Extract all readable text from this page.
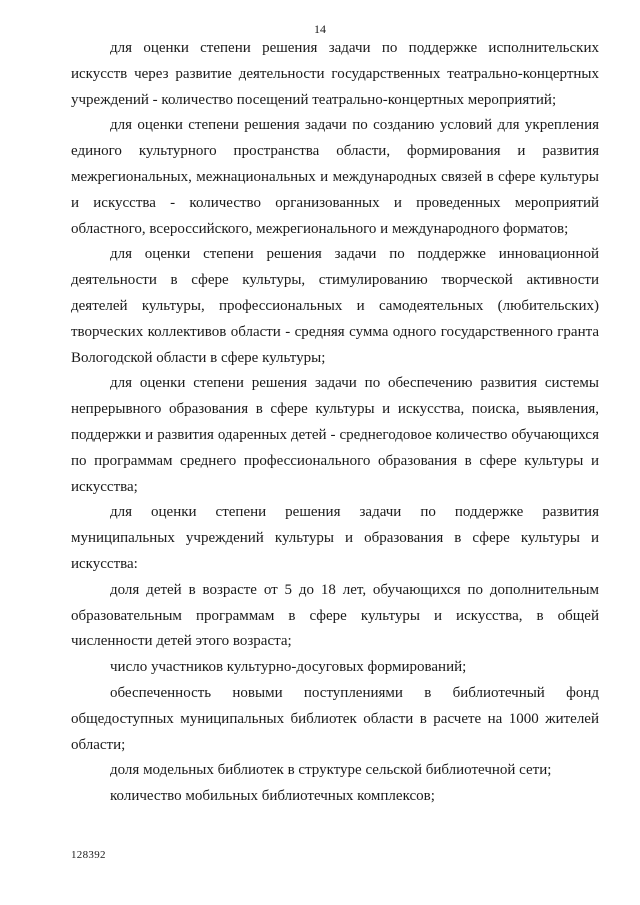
14

для оценки степени решения задачи по поддержке исполнительских искусств через развитие деятельности государственных театрально-концертных учреждений - количество посещений театрально-концертных мероприятий;

для оценки степени решения задачи по созданию условий для укрепления единого культурного пространства области, формирования и развития межрегиональных, межнациональных и международных связей в сфере культуры и искусства - количество организованных и проведенных мероприятий областного, всероссийского, межрегионального и международного форматов;

для оценки степени решения задачи по поддержке инновационной деятельности в сфере культуры, стимулированию творческой активности деятелей культуры, профессиональных и самодеятельных (любительских) творческих коллективов области - средняя сумма одного государственного гранта Вологодской области в сфере культуры;

для оценки степени решения задачи по обеспечению развития системы непрерывного образования в сфере культуры и искусства, поиска, выявления, поддержки и развития одаренных детей - среднегодовое количество обучающихся по программам среднего профессионального образования в сфере культуры и искусства;

для оценки степени решения задачи по поддержке развития муниципальных учреждений культуры и образования в сфере культуры и искусства:

доля детей в возрасте от 5 до 18 лет, обучающихся по дополнительным образовательным программам в сфере культуры и искусства, в общей численности детей этого возраста;

число участников культурно-досуговых формирований;

обеспеченность новыми поступлениями в библиотечный фонд общедоступных муниципальных библиотек области в расчете на 1000 жителей области;

доля модельных библиотек в структуре сельской библиотечной сети;

количество мобильных библиотечных комплексов;

128392
